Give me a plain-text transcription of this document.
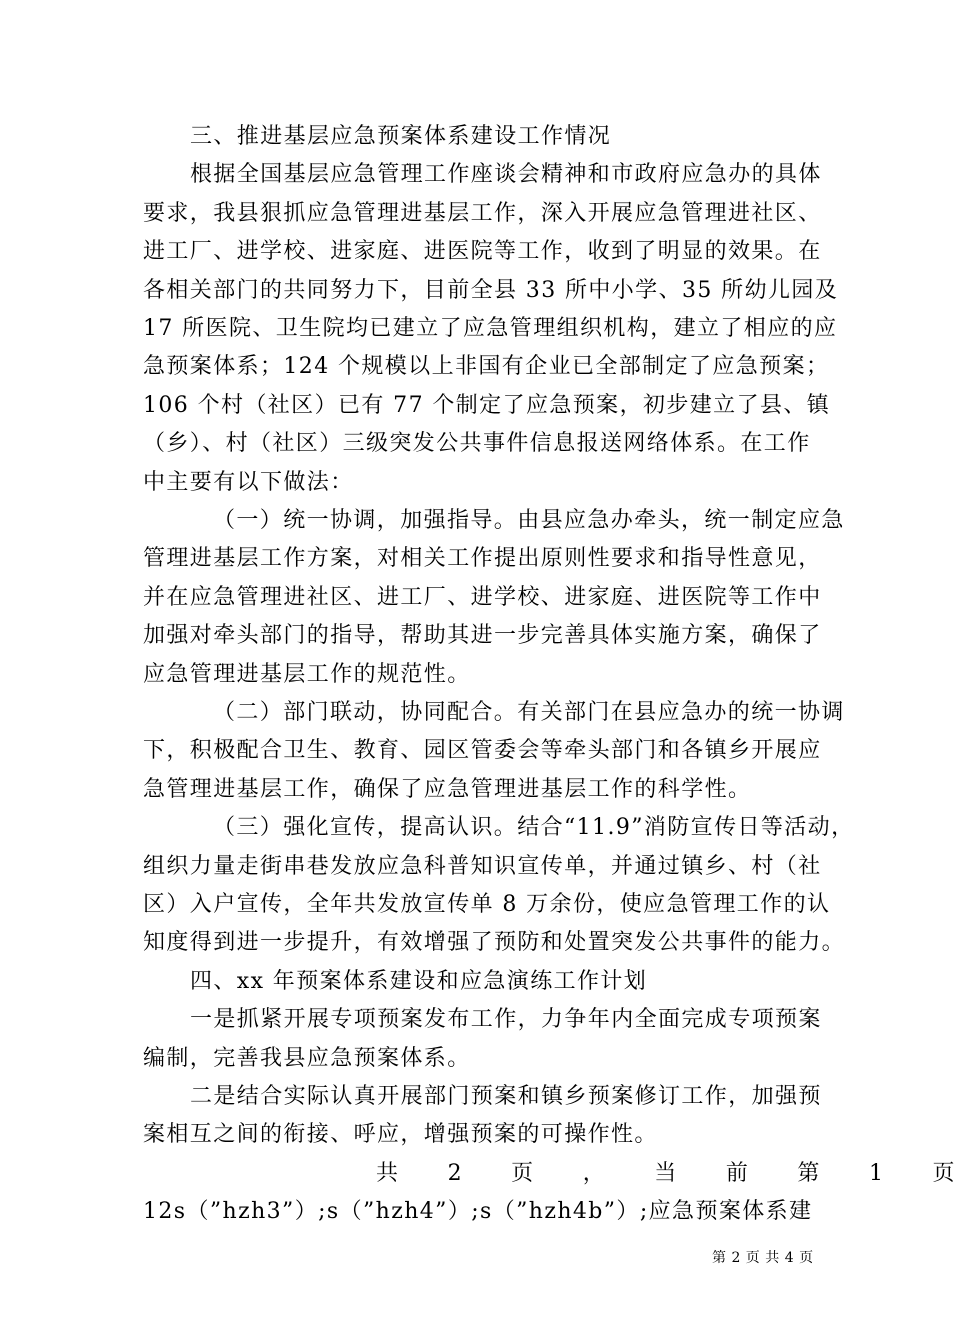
三、推进基层应急预案体系建设工作情况
根据全国基层应急管理工作座谈会精神和市政府应急办的具体
要求，我县狠抓应急管理进基层工作，深入开展应急管理进社区、
进工厂、进学校、进家庭、进医院等工作，收到了明显的效果。在
各相关部门的共同努力下，目前全县 33 所中小学、35 所幼儿园及
17 所医院、卫生院均已建立了应急管理组织机构，建立了相应的应
急预案体系；124 个规模以上非国有企业已全部制定了应急预案；
106 个村（社区）已有 77 个制定了应急预案，初步建立了县、镇
（乡）、村（社区）三级突发公共事件信息报送网络体系。在工作
中主要有以下做法：
（一）统一协调，加强指导。由县应急办牵头，统一制定应急
管理进基层工作方案，对相关工作提出原则性要求和指导性意见，
并在应急管理进社区、进工厂、进学校、进家庭、进医院等工作中
加强对牵头部门的指导，帮助其进一步完善具体实施方案，确保了
应急管理进基层工作的规范性。
（二）部门联动，协同配合。有关部门在县应急办的统一协调
下，积极配合卫生、教育、园区管委会等牵头部门和各镇乡开展应
急管理进基层工作，确保了应急管理进基层工作的科学性。
（三）强化宣传，提高认识。结合“11.9”消防宣传日等活动，
组织力量走街串巷发放应急科普知识宣传单，并通过镇乡、村（社
区）入户宣传，全年共发放宣传单 8 万余份，使应急管理工作的认
知度得到进一步提升，有效增强了预防和处置突发公共事件的能力。
四、xx 年预案体系建设和应急演练工作计划
一是抓紧开展专项预案发布工作，力争年内全面完成专项预案
编制，完善我县应急预案体系。
二是结合实际认真开展部门预案和镇乡预案修订工作，加强预
案相互之间的衔接、呼应，增强预案的可操作性。
共 2 页 ， 当 前 第 1 页
12s（”hzh3”）;s（”hzh4”）;s（”hzh4b”）;应急预案体系建
第 2 页 共 4 页
